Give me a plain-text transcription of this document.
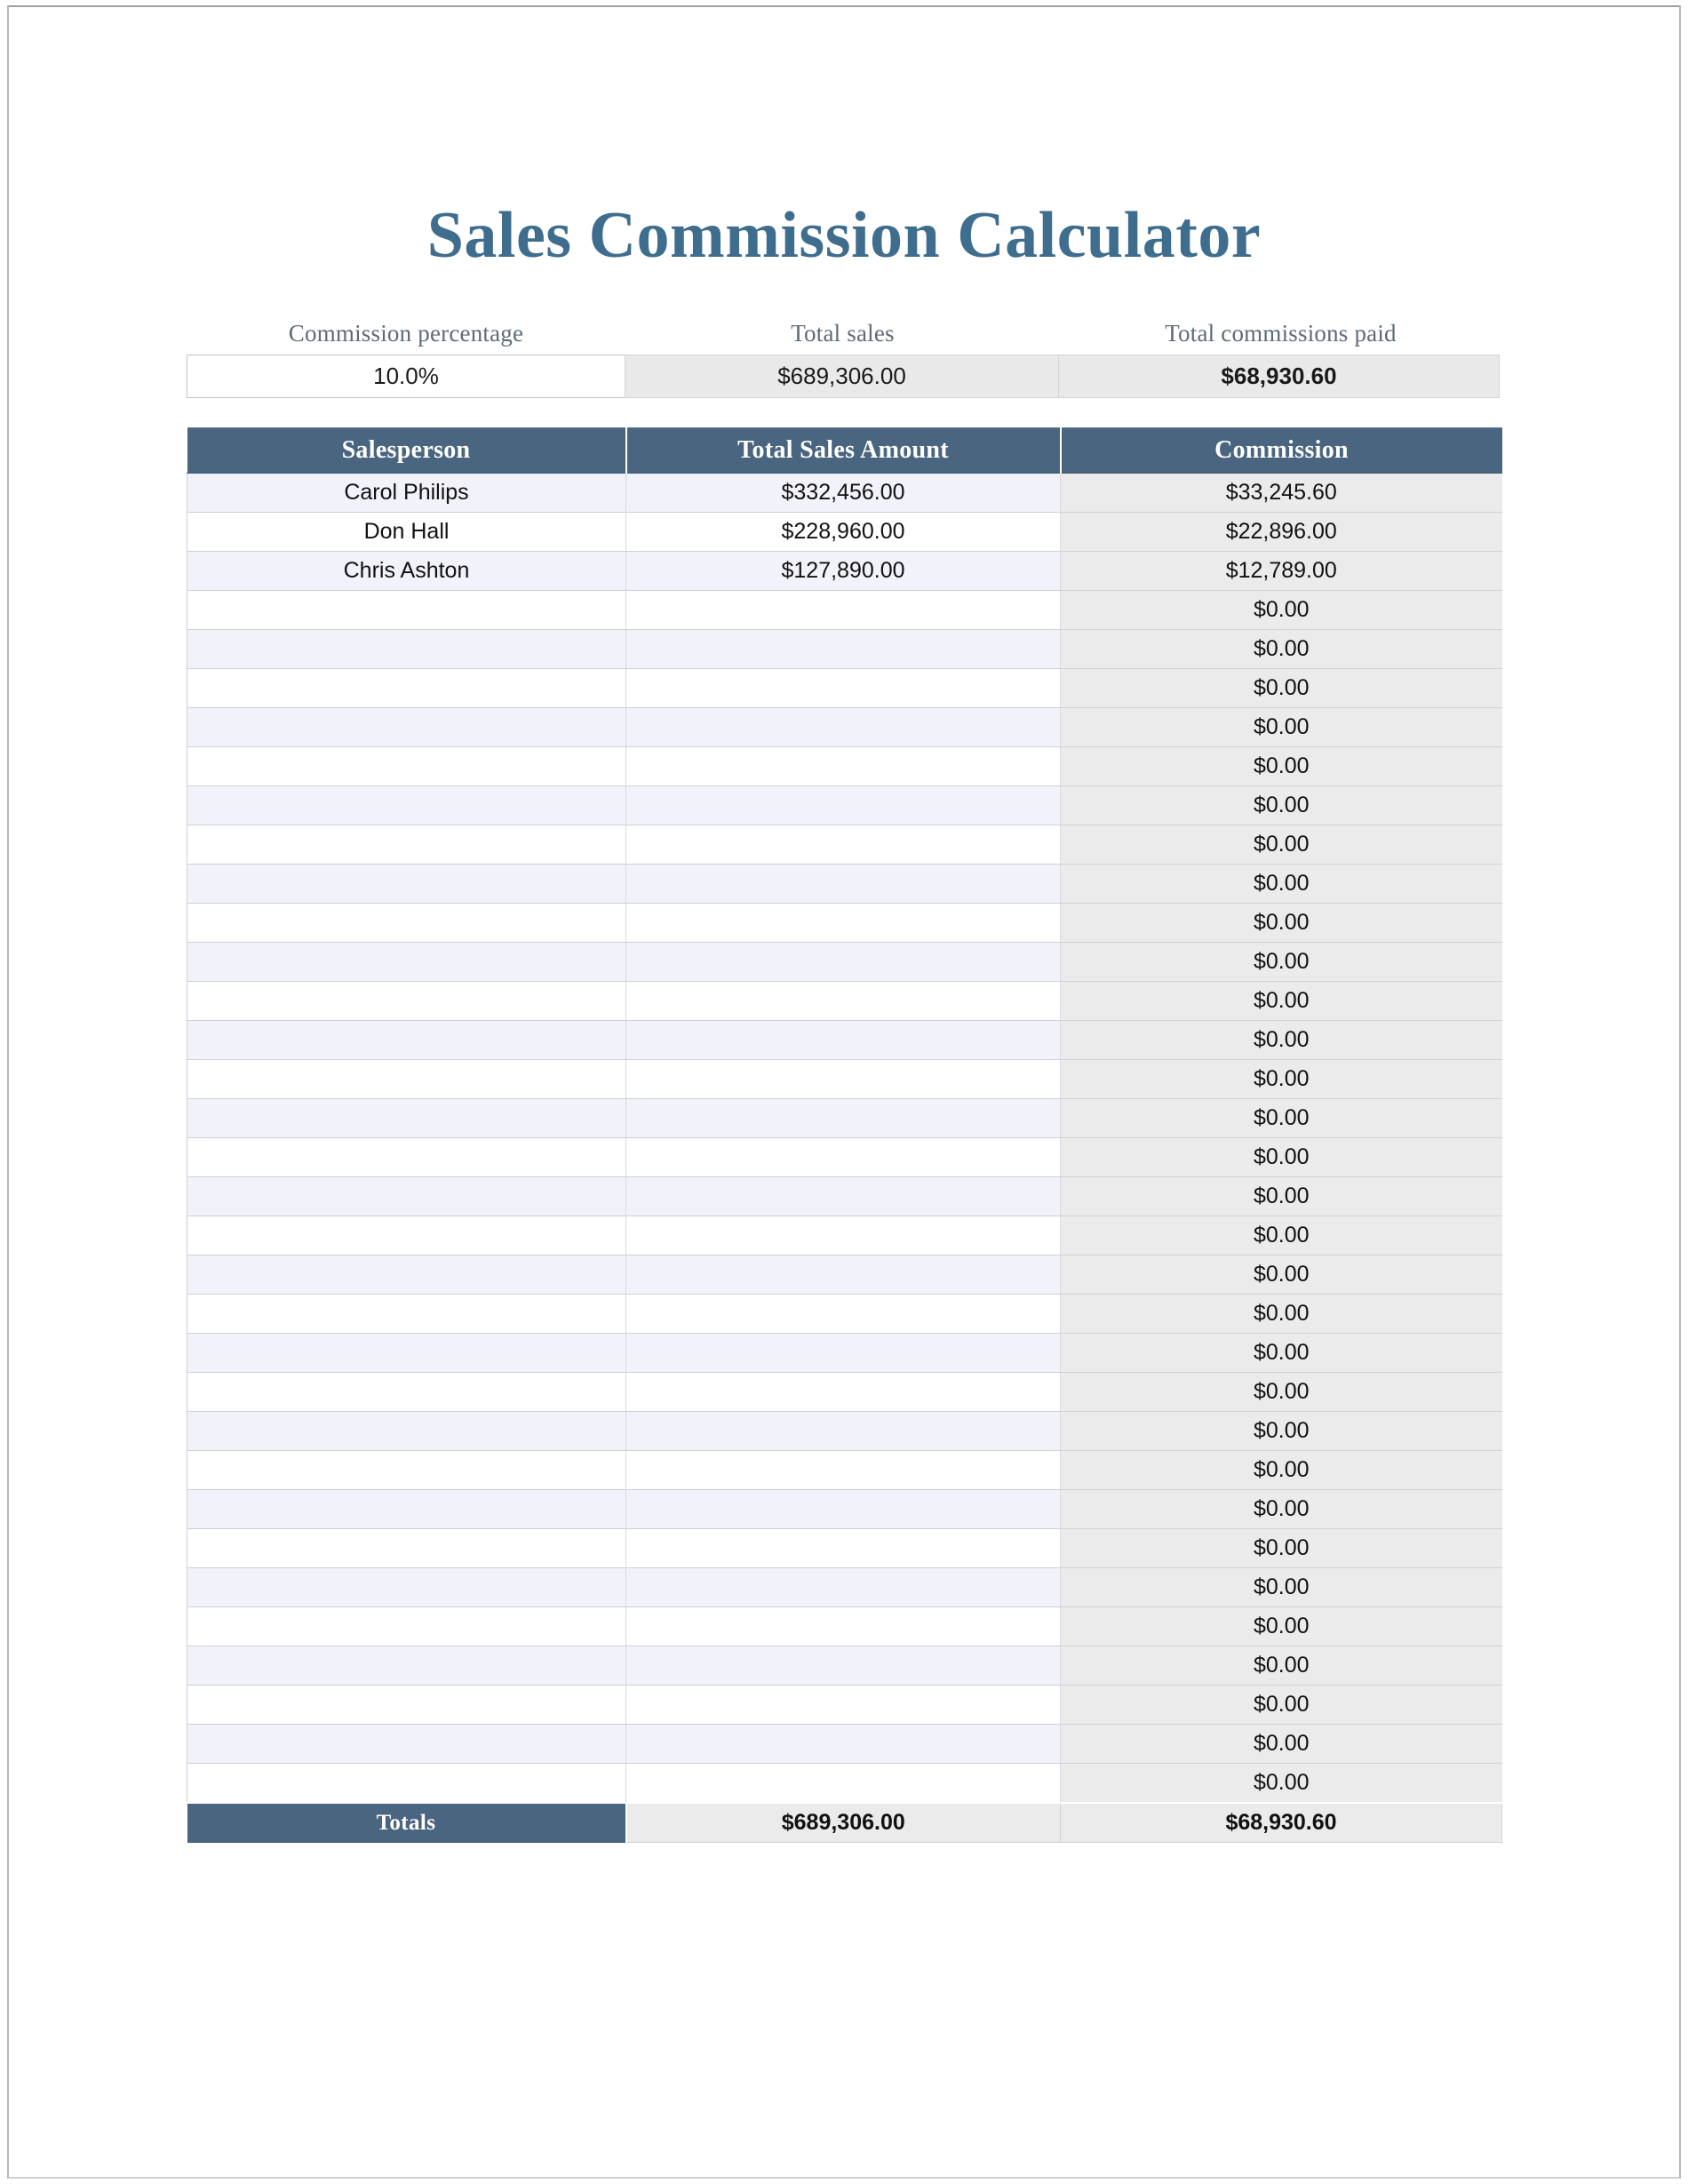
Sales Commission Calculator
Commission percentage	Total sales	Total commissions paid
10.0%	$689,306.00	$68,930.60
Salesperson	Total Sales Amount	Commission
Carol Philips	$332,456.00	$33,245.60
Don Hall	$228,960.00	$22,896.00
Chris Ashton	$127,890.00	$12,789.00
		$0.00
		$0.00
		$0.00
		$0.00
		$0.00
		$0.00
		$0.00
		$0.00
		$0.00
		$0.00
		$0.00
		$0.00
		$0.00
		$0.00
		$0.00
		$0.00
		$0.00
		$0.00
		$0.00
		$0.00
		$0.00
		$0.00
		$0.00
		$0.00
		$0.00
		$0.00
		$0.00
		$0.00
		$0.00
		$0.00
		$0.00
Totals	$689,306.00	$68,930.60
